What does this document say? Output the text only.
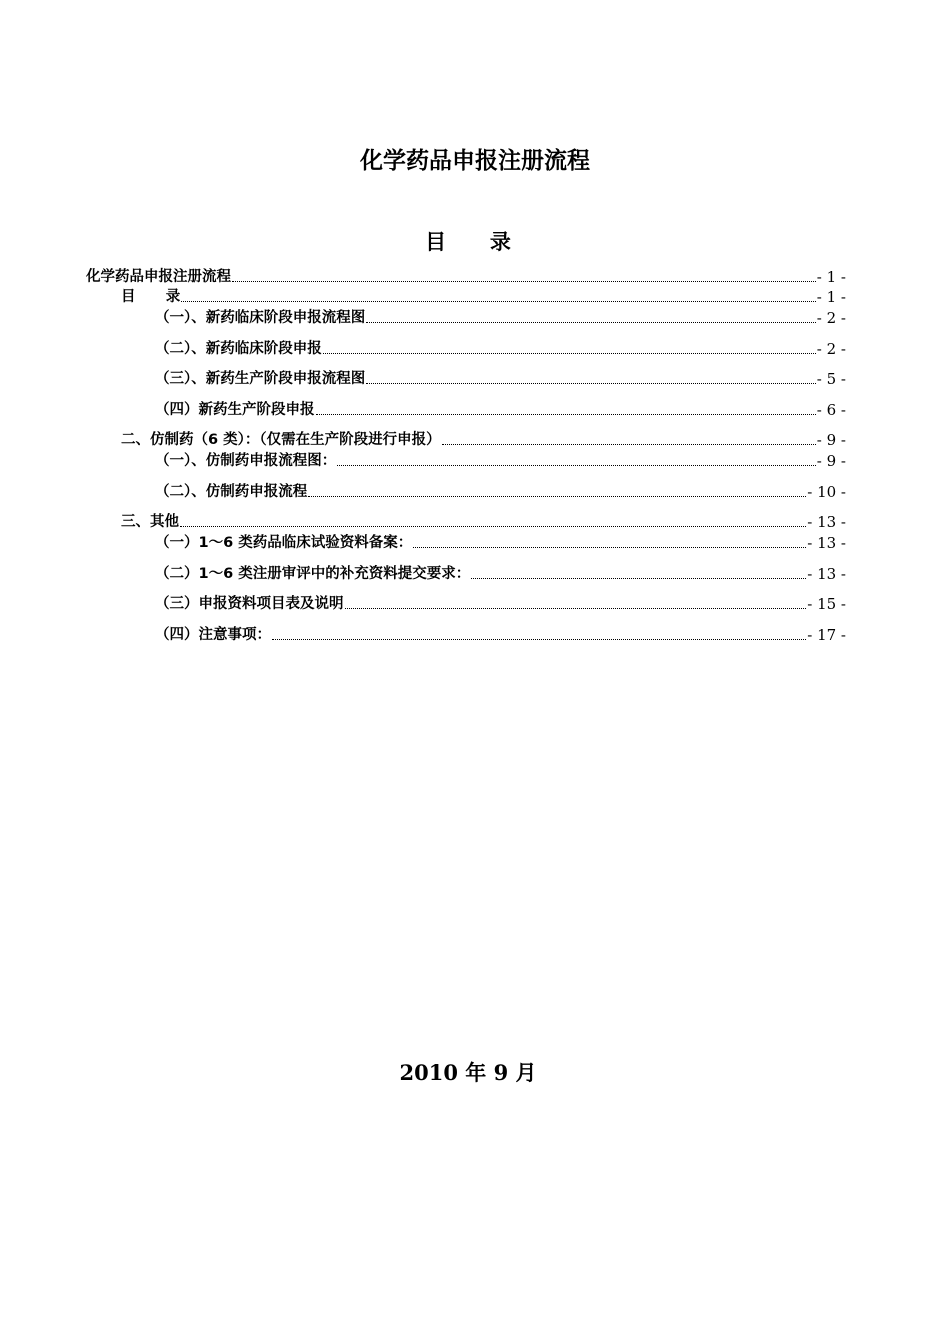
化学药品申报注册流程
目      录
化学药品申报注册流程	- 1 -
目      录	- 1 -
（一）、新药临床阶段申报流程图	- 2 -
（二）、新药临床阶段申报	- 2 -
（三）、新药生产阶段申报流程图	- 5 -
（四）新药生产阶段申报	- 6 -
二、仿制药（6 类）：（仅需在生产阶段进行申报）	- 9 -
（一）、仿制药申报流程图：	- 9 -
（二）、仿制药申报流程	- 10 -
三、其他	- 13 -
（一）1～6 类药品临床试验资料备案：	- 13 -
（二）1～6 类注册审评中的补充资料提交要求：	- 13 -
（三）申报资料项目表及说明	- 15 -
（四）注意事项：	- 17 -
2010 年 9 月
